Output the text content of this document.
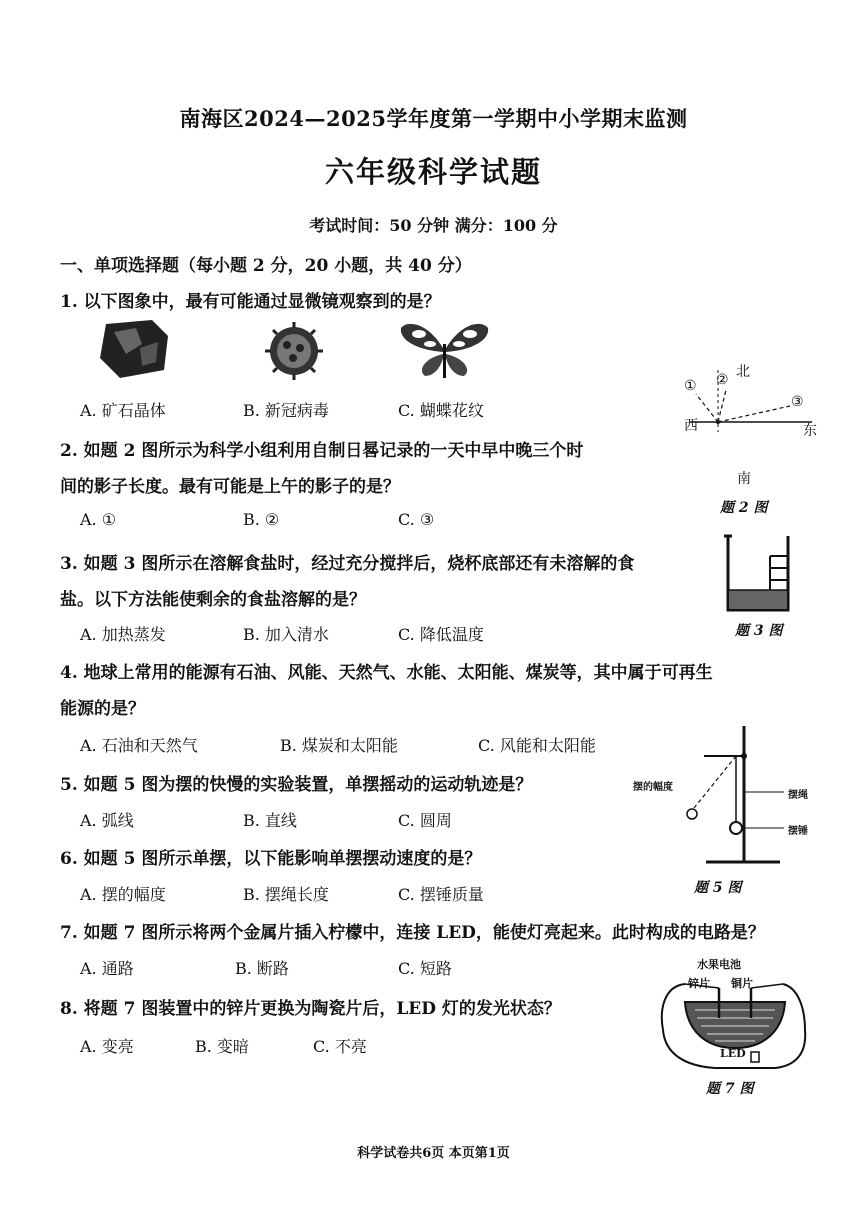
南海区2024—2025学年度第一学期中小学期末监测
六年级科学试题
考试时间：50 分钟 满分：100 分
一、单项选择题（每小题 2 分，20 小题，共 40 分）
1. 以下图象中，最有可能通过显微镜观察到的是？
A. 矿石晶体	B. 新冠病毒	C. 蝴蝶花纹
① ②
③
北
西	东
南
题 2 图
2. 如题 2 图所示为科学小组利用自制日晷记录的一天中早中晚三个时
间的影子长度。最有可能是上午的影子的是？
A. ①	B. ②	C. ③
题 3 图
3. 如题 3 图所示在溶解食盐时，经过充分搅拌后，烧杯底部还有未溶解的食
盐。以下方法能使剩余的食盐溶解的是？
A. 加热蒸发	B. 加入清水	C. 降低温度
4. 地球上常用的能源有石油、风能、天然气、水能、太阳能、煤炭等，其中属于可再生
能源的是？
A. 石油和天然气	B. 煤炭和太阳能	C. 风能和太阳能
摆的幅度
摆绳
摆锤
题 5 图
5. 如题 5 图为摆的快慢的实验装置，单摆摇动的运动轨迹是？
A. 弧线	B. 直线	C. 圆周
6. 如题 5 图所示单摆，以下能影响单摆摆动速度的是？
A. 摆的幅度	B. 摆绳长度	C. 摆锤质量
7. 如题 7 图所示将两个金属片插入柠檬中，连接 LED，能使灯亮起来。此时构成的电路是？
A. 通路	B. 断路	C. 短路	水果电池
锌片 铜片
LED
题 7 图
8. 将题 7 图装置中的锌片更换为陶瓷片后，LED 灯的发光状态？
A. 变亮	B. 变暗	C. 不亮
科学试卷共6页 本页第1页
